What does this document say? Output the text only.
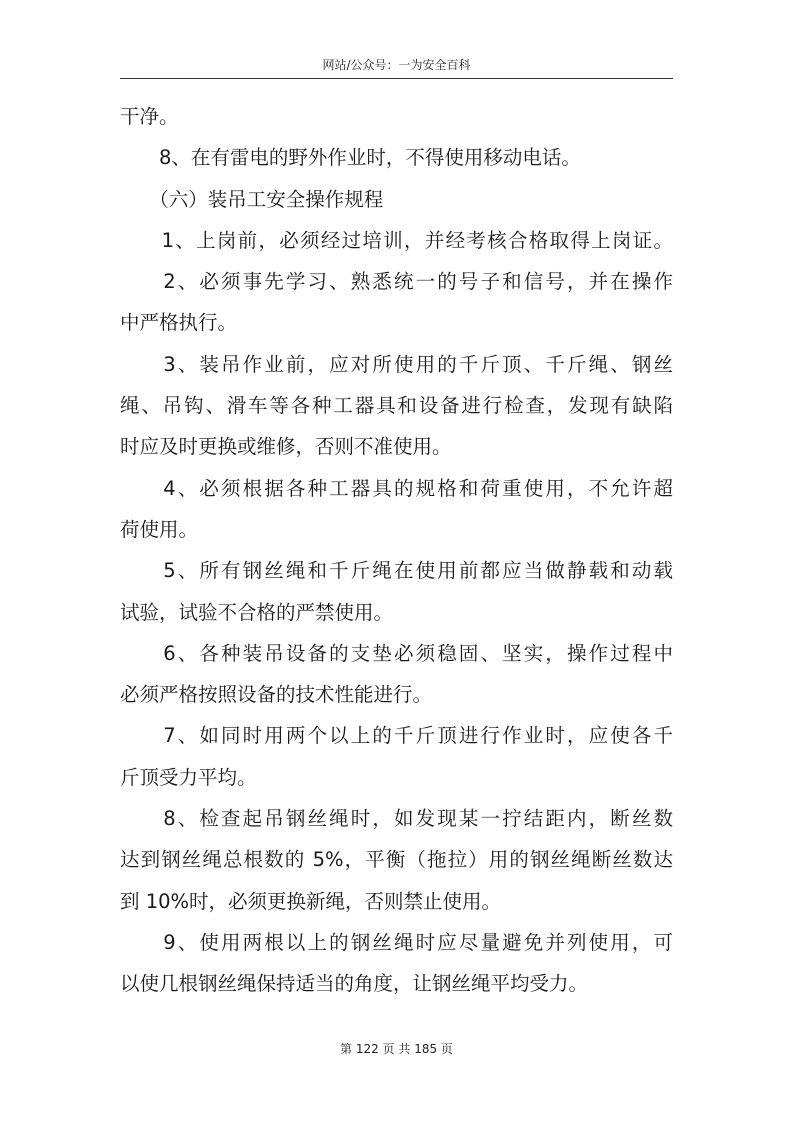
网站/公众号：一为安全百科
干净。
　　8、在有雷电的野外作业时，不得使用移动电话。
　　（六）装吊工安全操作规程
　　1、上岗前，必须经过培训，并经考核合格取得上岗证。
　　2、必须事先学习、熟悉统一的号子和信号，并在操作
中严格执行。
　　3、装吊作业前，应对所使用的千斤顶、千斤绳、钢丝
绳、吊钩、滑车等各种工器具和设备进行检查，发现有缺陷
时应及时更换或维修，否则不准使用。
　　4、必须根据各种工器具的规格和荷重使用，不允许超
荷使用。
　　5、所有钢丝绳和千斤绳在使用前都应当做静载和动载
试验，试验不合格的严禁使用。
　　6、各种装吊设备的支垫必须稳固、坚实，操作过程中
必须严格按照设备的技术性能进行。
　　7、如同时用两个以上的千斤顶进行作业时，应使各千
斤顶受力平均。
　　8、检查起吊钢丝绳时，如发现某一拧结距内，断丝数
达到钢丝绳总根数的 5%，平衡（拖拉）用的钢丝绳断丝数达
到 10%时，必须更换新绳，否则禁止使用。
　　9、使用两根以上的钢丝绳时应尽量避免并列使用，可
以使几根钢丝绳保持适当的角度，让钢丝绳平均受力。
第 122 页 共 185 页
